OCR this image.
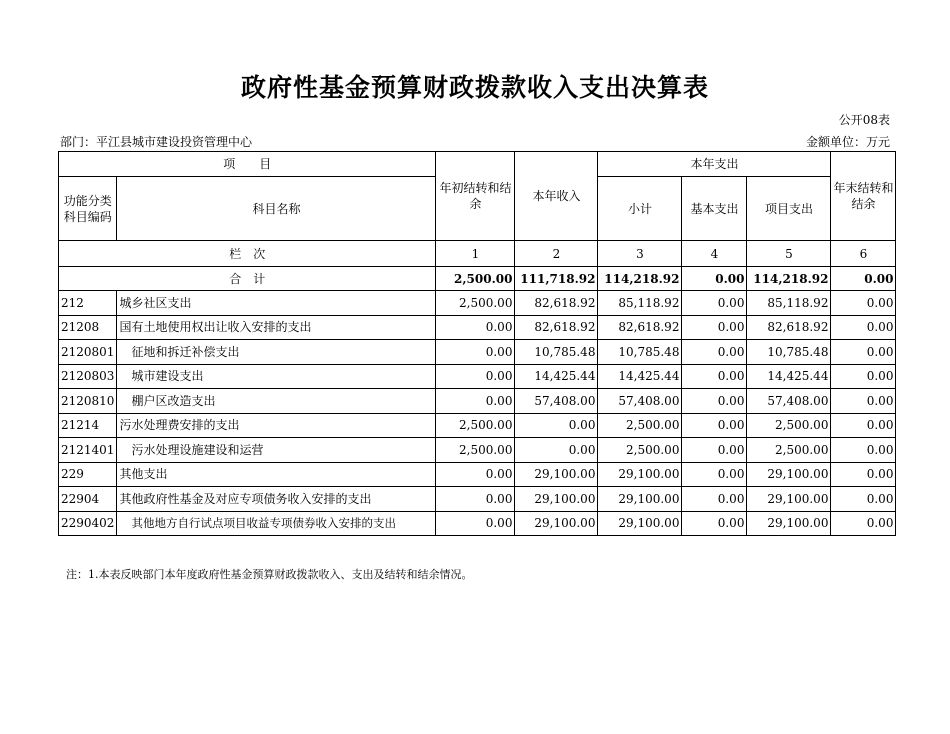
政府性基金预算财政拨款收入支出决算表
公开08表
部门：平江县城市建设投资管理中心	金额单位：万元
项　　目		年初结转和结余	本年收入	本年支出			年末结转和结余
功能分类科目编码	科目名称			小计	基本支出	项目支出	
栏　次		1	2	3	4	5	6
合　计		2,500.00	111,718.92	114,218.92	0.00	114,218.92	0.00
212	城乡社区支出	2,500.00	82,618.92	85,118.92	0.00	85,118.92	0.00
21208	国有土地使用权出让收入安排的支出	0.00	82,618.92	82,618.92	0.00	82,618.92	0.00
2120801	征地和拆迁补偿支出	0.00	10,785.48	10,785.48	0.00	10,785.48	0.00
2120803	城市建设支出	0.00	14,425.44	14,425.44	0.00	14,425.44	0.00
2120810	棚户区改造支出	0.00	57,408.00	57,408.00	0.00	57,408.00	0.00
21214	污水处理费安排的支出	2,500.00	0.00	2,500.00	0.00	2,500.00	0.00
2121401	污水处理设施建设和运营	2,500.00	0.00	2,500.00	0.00	2,500.00	0.00
229	其他支出	0.00	29,100.00	29,100.00	0.00	29,100.00	0.00
22904	其他政府性基金及对应专项债务收入安排的支出	0.00	29,100.00	29,100.00	0.00	29,100.00	0.00
2290402	其他地方自行试点项目收益专项债券收入安排的支出	0.00	29,100.00	29,100.00	0.00	29,100.00	0.00
注：1.本表反映部门本年度政府性基金预算财政拨款收入、支出及结转和结余情况。
